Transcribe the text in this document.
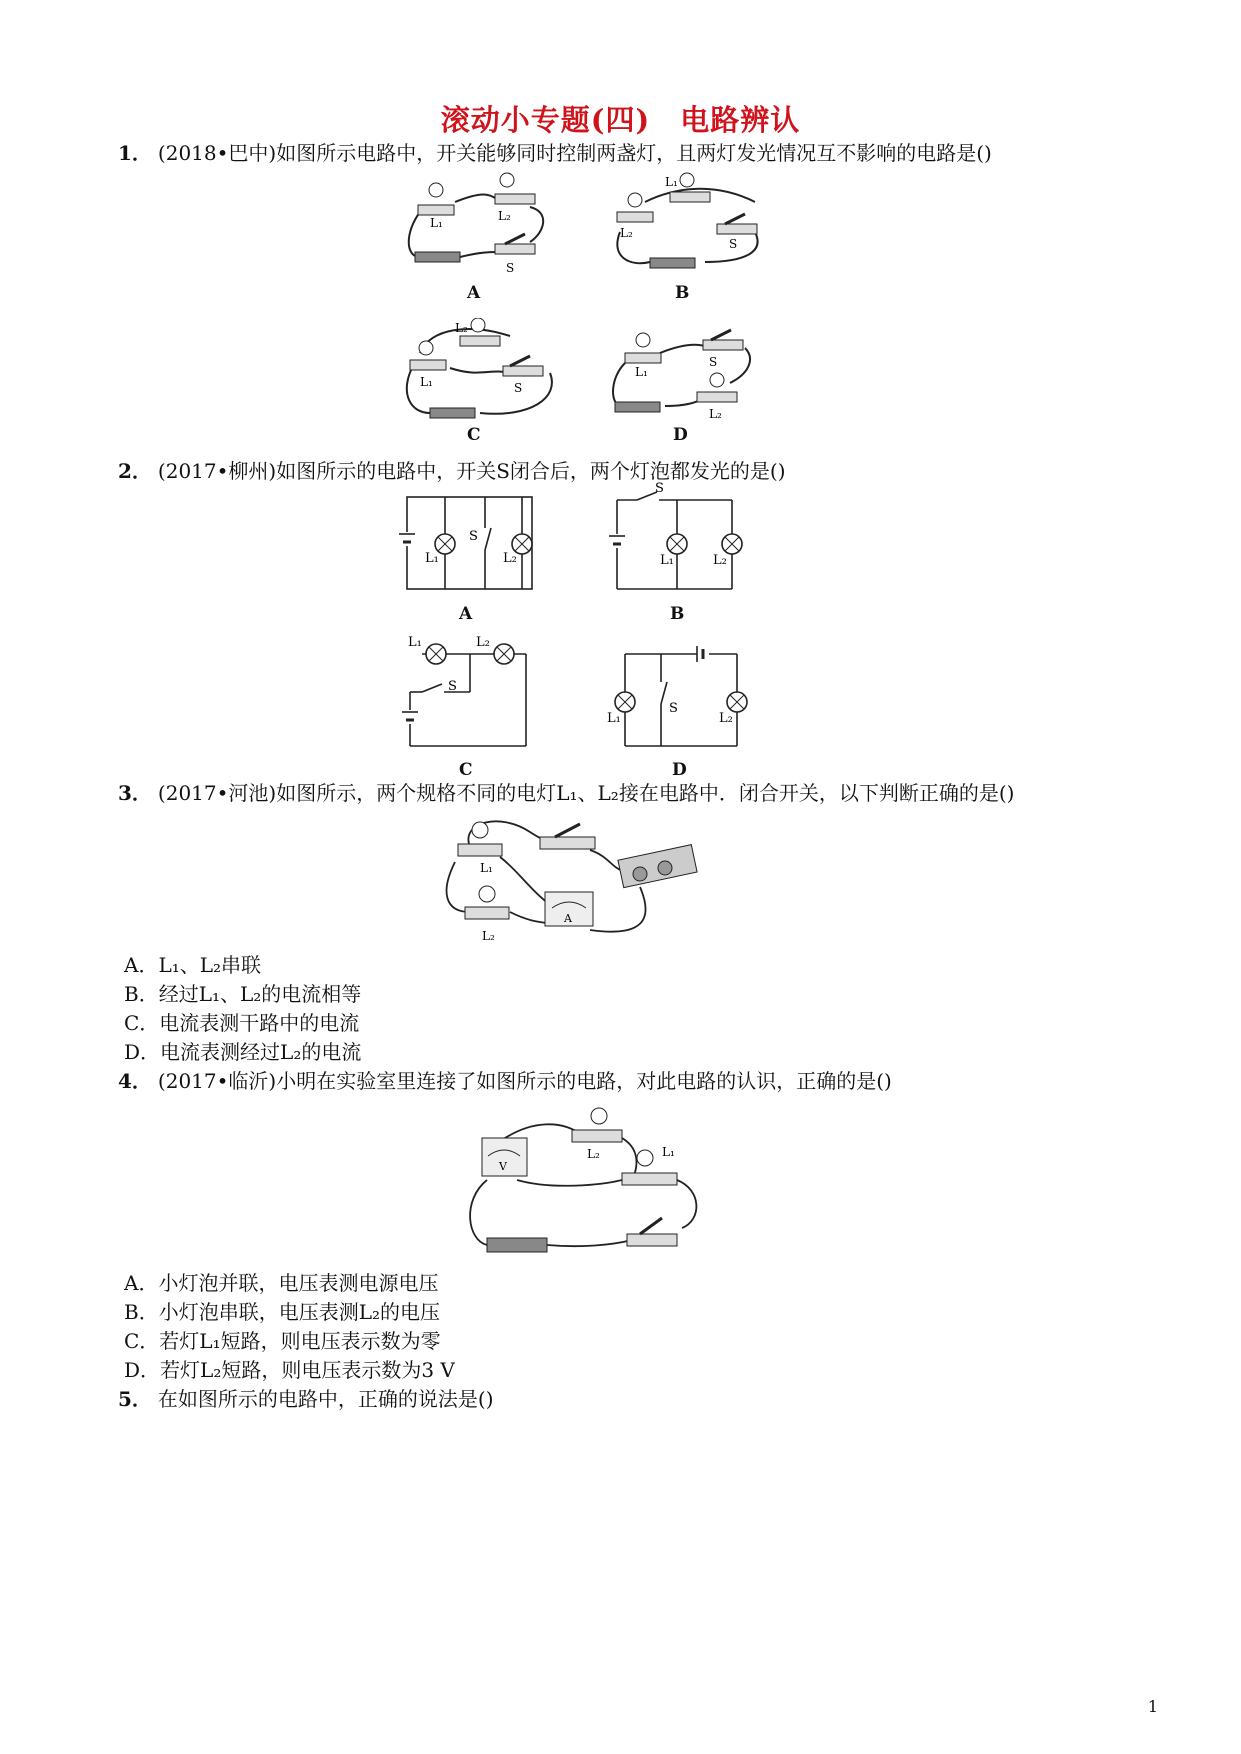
滚动小专题(四)　电路辨认
1． (2018•巴中)如图所示电路中，开关能够同时控制两盏灯，且两灯发光情况互不影响的电路是()
L₁	L₂
S
A
L₂
L₁
S
B
L₁
L₂
S
C
L₁
S
L₂
D
2． (2017•柳州)如图所示的电路中，开关S闭合后，两个灯泡都发光的是()
L₁
S
L₂
A
S
L₁	L₂
B
L₁	L₂
S
C
L₁
S
L₂
D
3． (2017•河池)如图所示，两个规格不同的电灯L₁、L₂接在电路中．闭合开关，以下判断正确的是()
L₁
L₂
A
A．L₁、L₂串联
B．经过L₁、L₂的电流相等
C．电流表测干路中的电流
D．电流表测经过L₂的电流
4． (2017•临沂)小明在实验室里连接了如图所示的电路，对此电路的认识，正确的是()
L₂	L₁
V
A．小灯泡并联，电压表测电源电压
B．小灯泡串联，电压表测L₂的电压
C．若灯L₁短路，则电压表示数为零
D．若灯L₂短路，则电压表示数为3 V
5． 在如图所示的电路中，正确的说法是()
1
